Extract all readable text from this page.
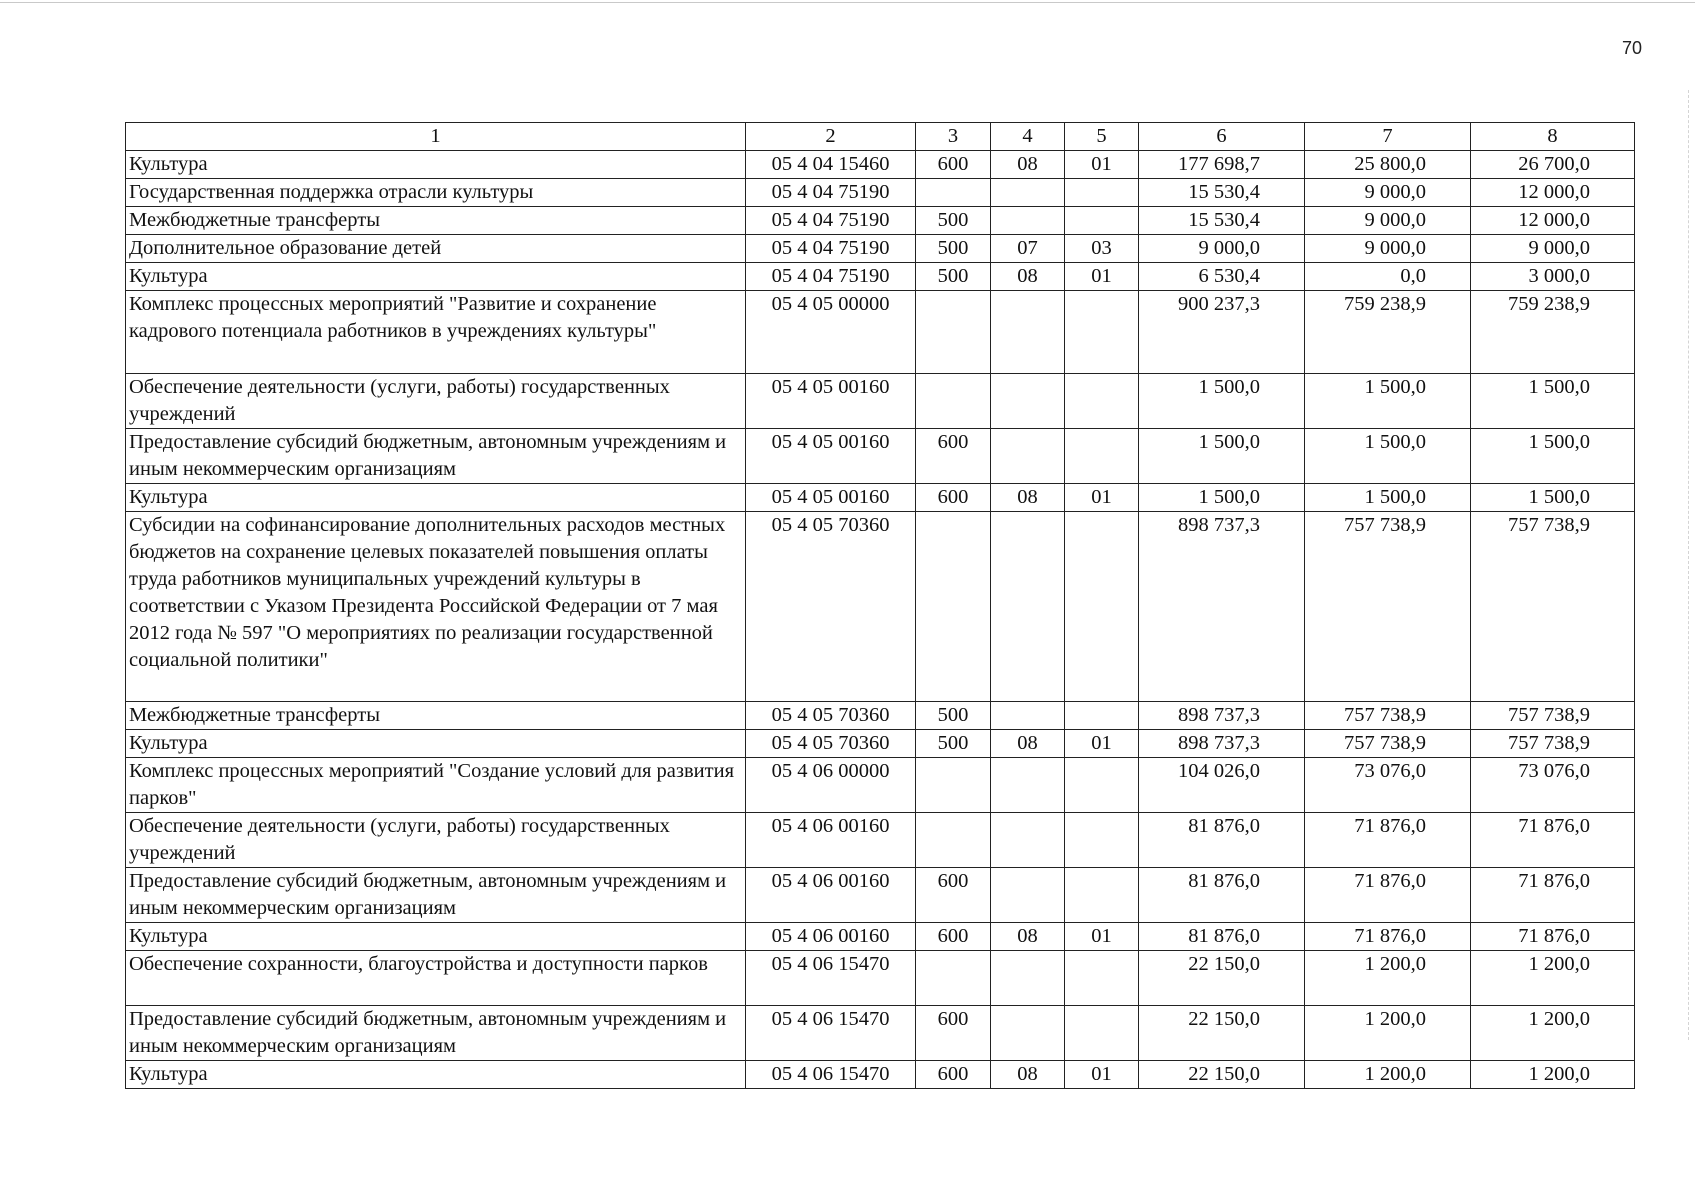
70
1	2	3	4	5	6	7	8
Культура	05 4 04 15460	600	08	01	177 698,7	25 800,0	26 700,0
Государственная поддержка отрасли культуры	05 4 04 75190				15 530,4	9 000,0	12 000,0
Межбюджетные трансферты	05 4 04 75190	500			15 530,4	9 000,0	12 000,0
Дополнительное образование детей	05 4 04 75190	500	07	03	9 000,0	9 000,0	9 000,0
Культура	05 4 04 75190	500	08	01	6 530,4	0,0	3 000,0
Комплекс процессных мероприятий "Развитие и сохранение кадрового потенциала работников в учреждениях культуры"	05 4 05 00000				900 237,3	759 238,9	759 238,9
Обеспечение деятельности (услуги, работы) государственных учреждений	05 4 05 00160				1 500,0	1 500,0	1 500,0
Предоставление субсидий бюджетным, автономным учреждениям и иным некоммерческим организациям	05 4 05 00160	600			1 500,0	1 500,0	1 500,0
Культура	05 4 05 00160	600	08	01	1 500,0	1 500,0	1 500,0
Субсидии на софинансирование дополнительных расходов местных бюджетов на сохранение целевых показателей повышения оплаты труда работников муниципальных учреждений культуры в соответствии с Указом Президента Российской Федерации от 7 мая 2012 года № 597 "О мероприятиях по реализации государственной социальной политики"	05 4 05 70360				898 737,3	757 738,9	757 738,9
Межбюджетные трансферты	05 4 05 70360	500			898 737,3	757 738,9	757 738,9
Культура	05 4 05 70360	500	08	01	898 737,3	757 738,9	757 738,9
Комплекс процессных мероприятий "Создание условий для развития парков"	05 4 06 00000				104 026,0	73 076,0	73 076,0
Обеспечение деятельности (услуги, работы) государственных учреждений	05 4 06 00160				81 876,0	71 876,0	71 876,0
Предоставление субсидий бюджетным, автономным учреждениям и иным некоммерческим организациям	05 4 06 00160	600			81 876,0	71 876,0	71 876,0
Культура	05 4 06 00160	600	08	01	81 876,0	71 876,0	71 876,0
Обеспечение сохранности, благоустройства и доступности парков	05 4 06 15470				22 150,0	1 200,0	1 200,0
Предоставление субсидий бюджетным, автономным учреждениям и иным некоммерческим организациям	05 4 06 15470	600			22 150,0	1 200,0	1 200,0
Культура	05 4 06 15470	600	08	01	22 150,0	1 200,0	1 200,0
